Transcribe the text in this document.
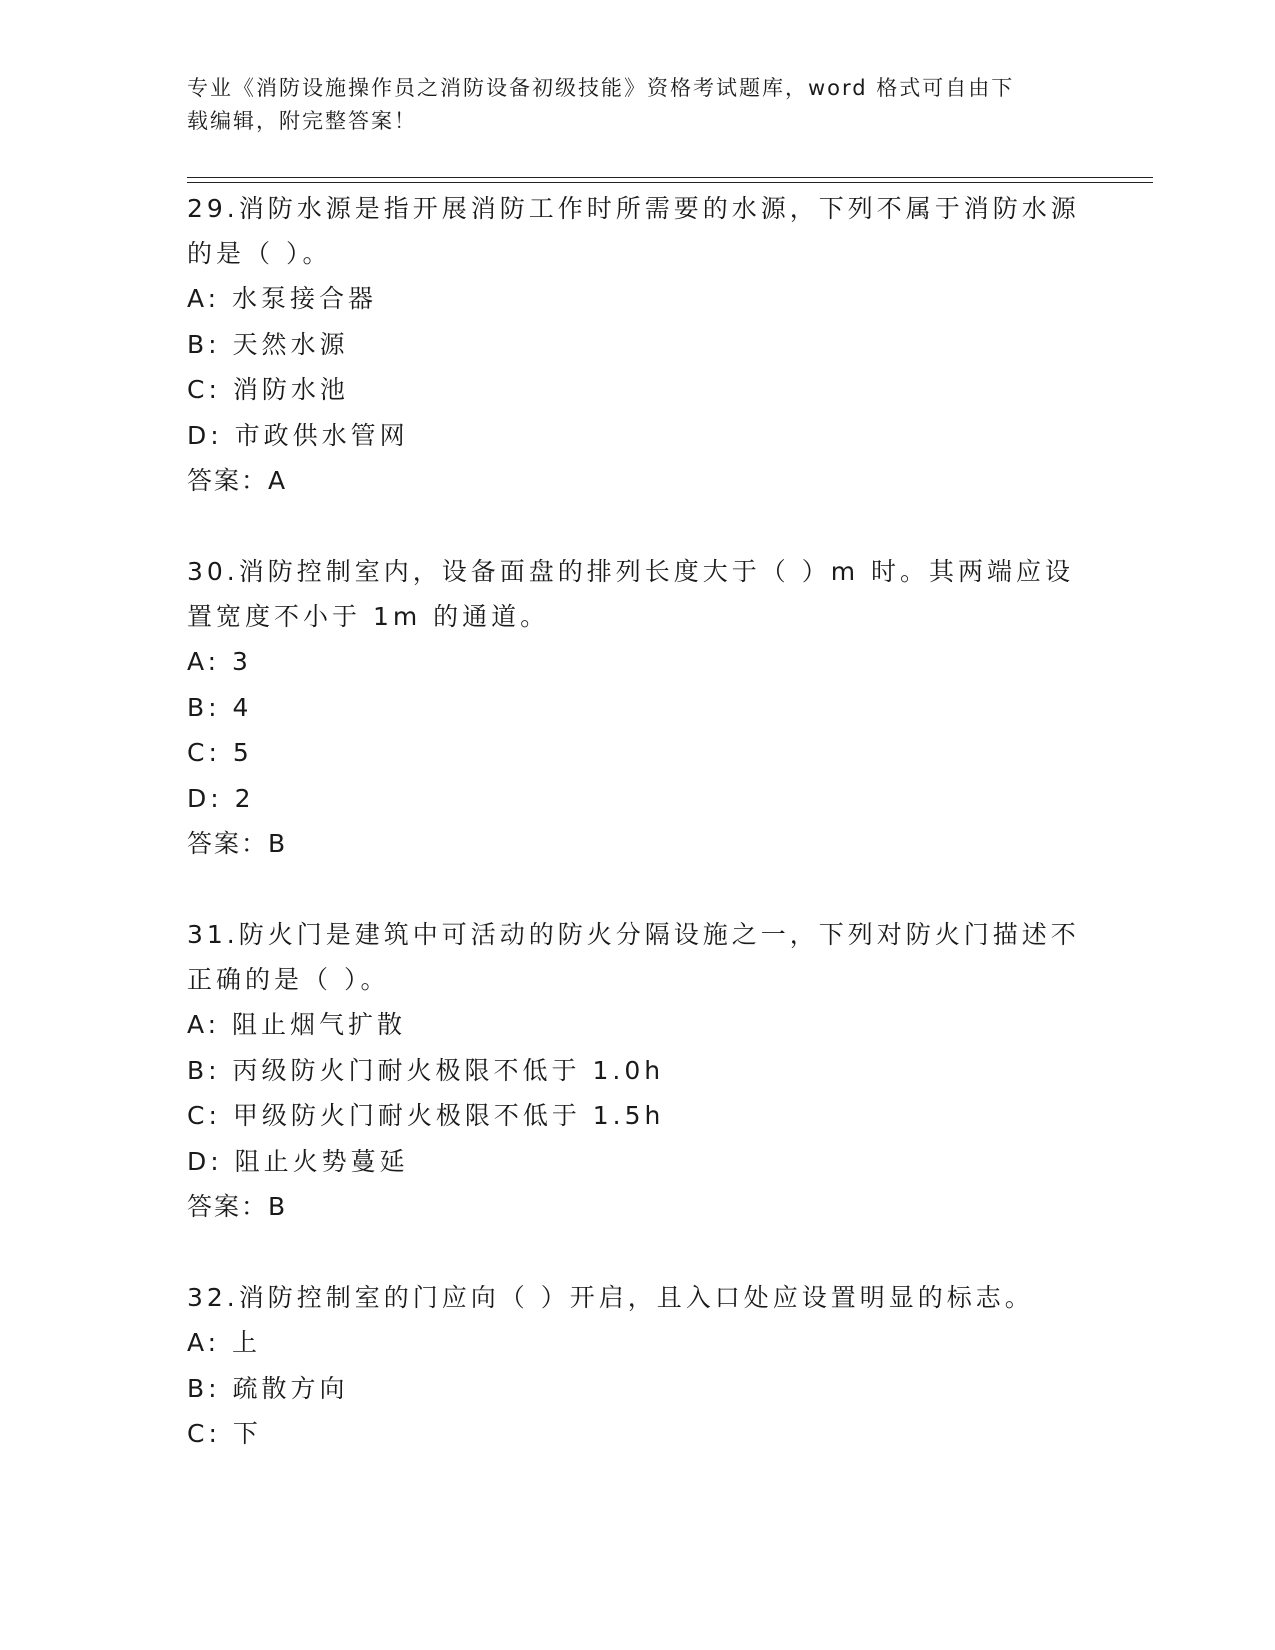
专业《消防设施操作员之消防设备初级技能》资格考试题库，word 格式可自由下
载编辑，附完整答案！
29.消防水源是指开展消防工作时所需要的水源，下列不属于消防水源
的是（ ）。
A: 水泵接合器
B: 天然水源
C: 消防水池
D: 市政供水管网
答案：A
30.消防控制室内，设备面盘的排列长度大于（ ）m 时。其两端应设
置宽度不小于 1m 的通道。
A: 3
B: 4
C: 5
D: 2
答案：B
31.防火门是建筑中可活动的防火分隔设施之一，下列对防火门描述不
正确的是（ ）。
A: 阻止烟气扩散
B: 丙级防火门耐火极限不低于 1.0h
C: 甲级防火门耐火极限不低于 1.5h
D: 阻止火势蔓延
答案：B
32.消防控制室的门应向（ ）开启，且入口处应设置明显的标志。
A: 上
B: 疏散方向
C: 下
